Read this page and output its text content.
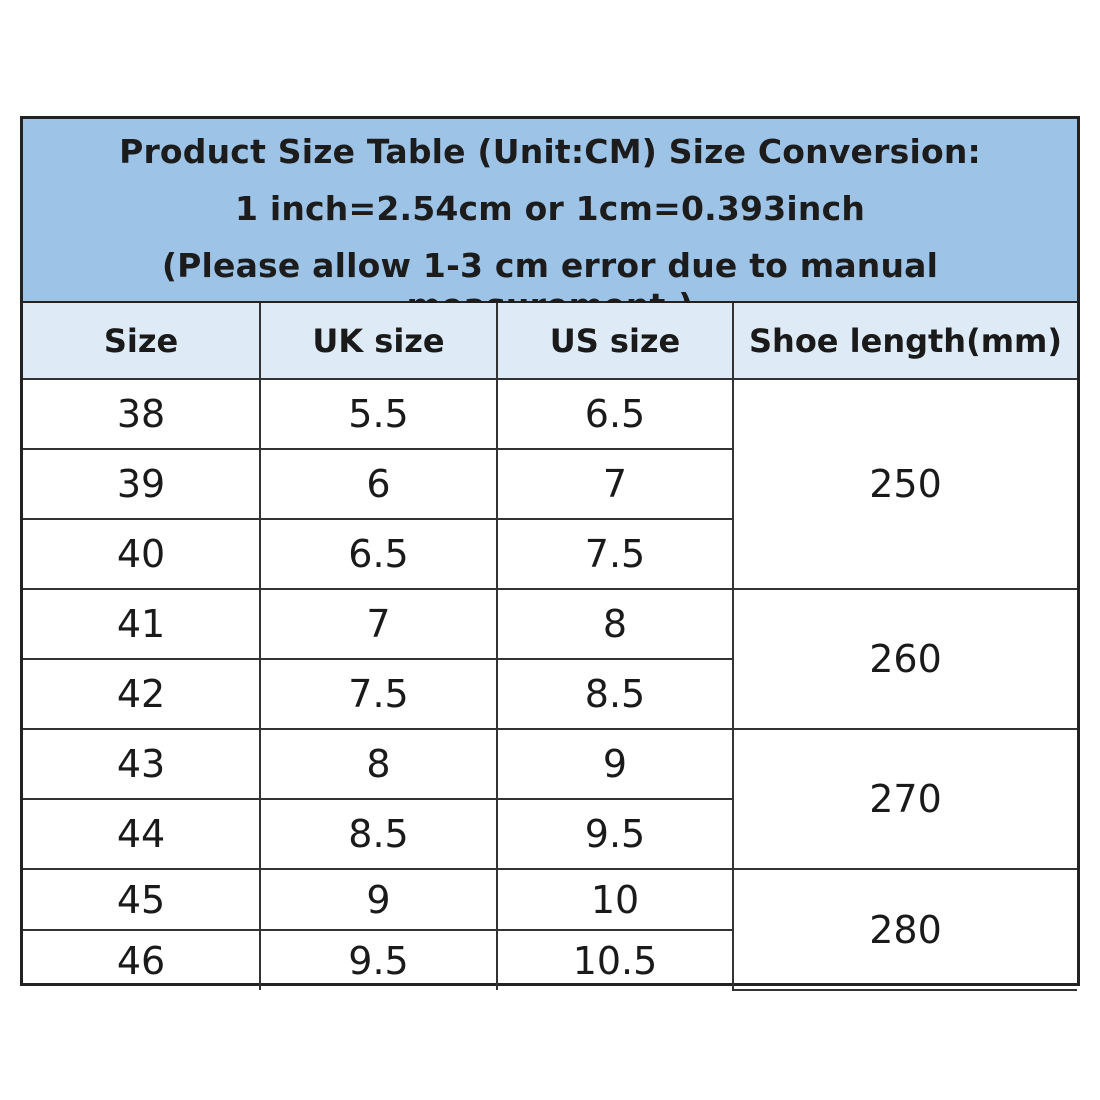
Product Size Table (Unit:CM) Size Conversion:
1 inch=2.54cm or 1cm=0.393inch
(Please allow 1-3 cm error due to manual
Size	UK size	US size	Shoe length(mm)
38	5.5	6.5	250
39	6	7	
40	6.5	7.5	
41	7	8	260
42	7.5	8.5	
43	8	9	270
44	8.5	9.5	
45	9	10	280
46	9.5	10.5	
